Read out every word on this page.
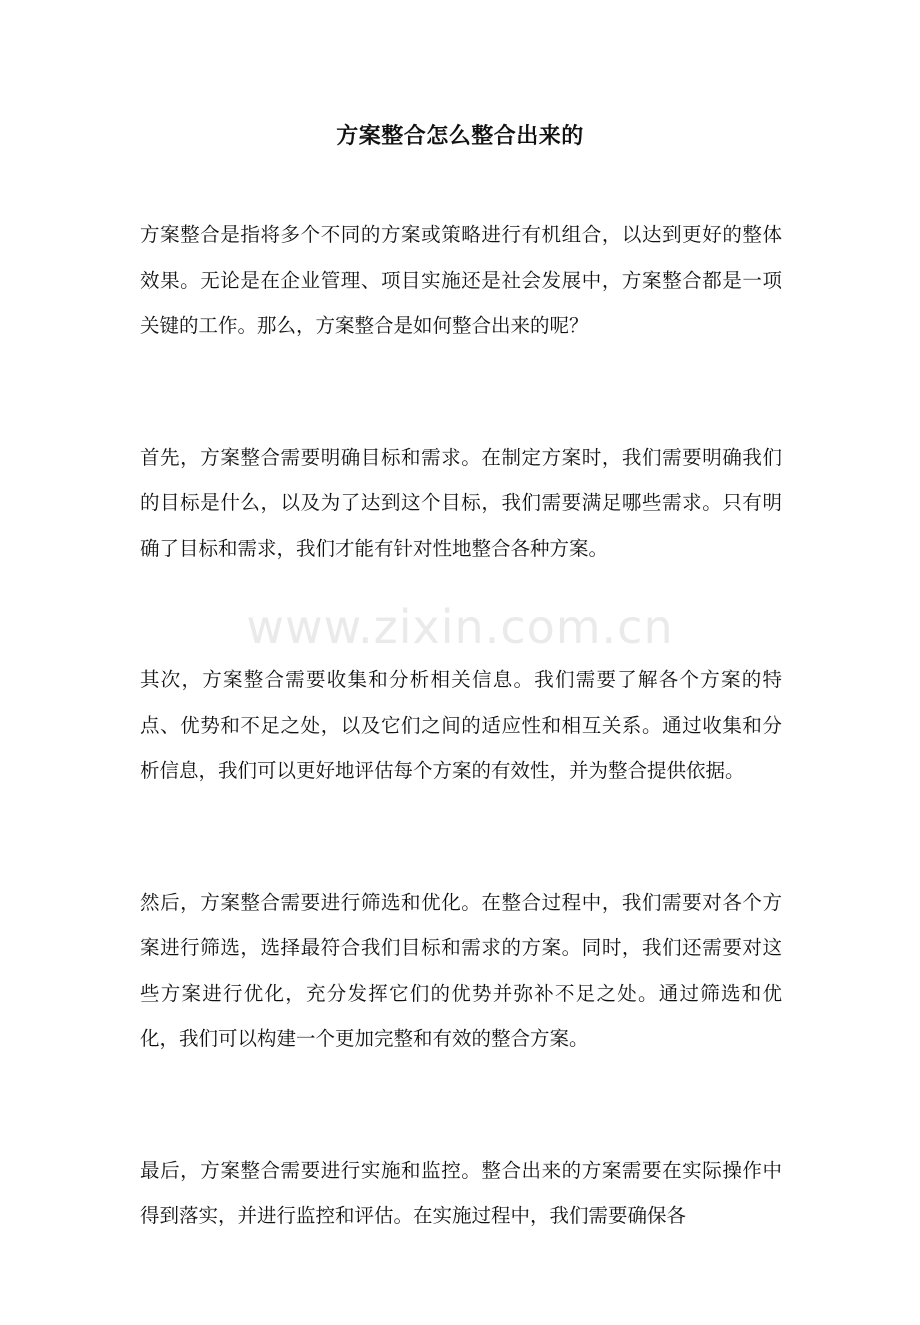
方案整合怎么整合出来的

方案整合是指将多个不同的方案或策略进行有机组合，以达到更好的整体效果。无论是在企业管理、项目实施还是社会发展中，方案整合都是一项关键的工作。那么，方案整合是如何整合出来的呢？

首先，方案整合需要明确目标和需求。在制定方案时，我们需要明确我们的目标是什么，以及为了达到这个目标，我们需要满足哪些需求。只有明确了目标和需求，我们才能有针对性地整合各种方案。

其次，方案整合需要收集和分析相关信息。我们需要了解各个方案的特点、优势和不足之处，以及它们之间的适应性和相互关系。通过收集和分析信息，我们可以更好地评估每个方案的有效性，并为整合提供依据。

然后，方案整合需要进行筛选和优化。在整合过程中，我们需要对各个方案进行筛选，选择最符合我们目标和需求的方案。同时，我们还需要对这些方案进行优化，充分发挥它们的优势并弥补不足之处。通过筛选和优化，我们可以构建一个更加完整和有效的整合方案。

最后，方案整合需要进行实施和监控。整合出来的方案需要在实际操作中得到落实，并进行监控和评估。在实施过程中，我们需要确保各

www.zixin.com.cn
